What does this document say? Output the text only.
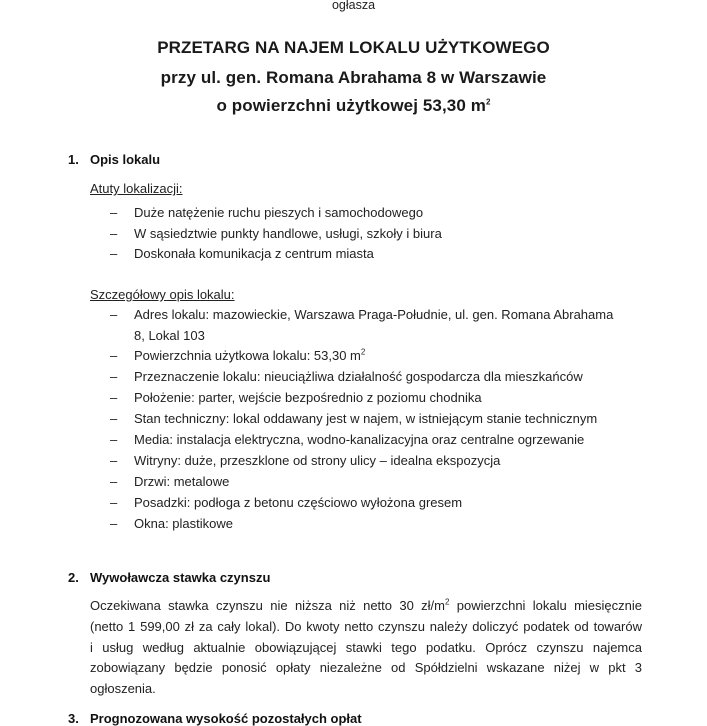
ogłasza
PRZETARG NA NAJEM LOKALU UŻYTKOWEGO
przy ul. gen. Romana Abrahama 8 w Warszawie
o powierzchni użytkowej 53,30 $m^2$
1. Opis lokalu
Atuty lokalizacji:
– Duże natężenie ruchu pieszych i samochodowego
– W sąsiedztwie punkty handlowe, usługi, szkoły i biura
– Doskonała komunikacja z centrum miasta
Szczegółowy opis lokalu:
– Adres lokalu: mazowieckie, Warszawa Praga-Południe, ul. gen. Romana Abrahama
8, Lokal 103
– Powierzchnia użytkowa lokalu: 53,30 $m^2$
– Przeznaczenie lokalu: nieuciążliwa działalność gospodarcza dla mieszkańców
– Położenie: parter, wejście bezpośrednio z poziomu chodnika
– Stan techniczny: lokal oddawany jest w najem, w istniejącym stanie technicznym
– Media: instalacja elektryczna, wodno-kanalizacyjna oraz centralne ogrzewanie
– Witryny: duże, przeszklone od strony ulicy – idealna ekspozycja
– Drzwi: metalowe
– Posadzki: podłoga z betonu częściowo wyłożona gresem
– Okna: plastikowe
2. Wywoławcza stawka czynszu
Oczekiwana stawka czynszu nie niższa niż netto 30 $zł/m^2$ powierzchni lokalu miesięcznie
(netto 1 599,00 zł za cały lokal). Do kwoty netto czynszu należy doliczyć podatek od towarów
i usług według aktualnie obowiązującej stawki tego podatku. Oprócz czynszu najemca
zobowiązany będzie ponosić opłaty niezależne od Spółdzielni wskazane niżej w pkt 3
ogłoszenia.
3. Prognozowana wysokość pozostałych opłat
